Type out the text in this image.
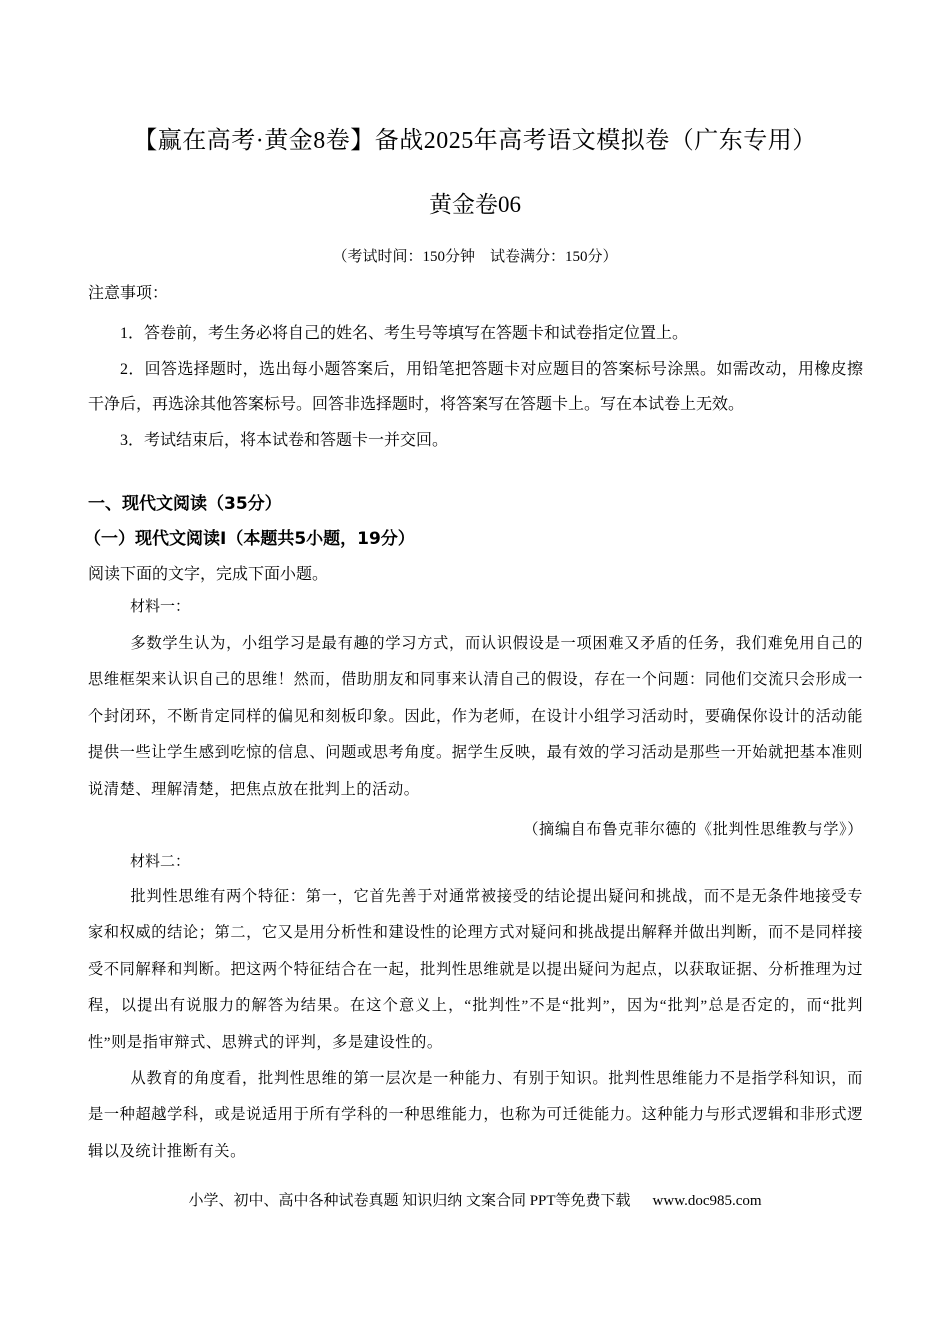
【赢在高考·黄金8卷】备战2025年高考语文模拟卷（广东专用）
黄金卷06
（考试时间：150分钟　试卷满分：150分）
注意事项：
1．答卷前，考生务必将自己的姓名、考生号等填写在答题卡和试卷指定位置上。
2．回答选择题时，选出每小题答案后，用铅笔把答题卡对应题目的答案标号涂黑。如需改动，用橡皮擦干净后，再选涂其他答案标号。回答非选择题时，将答案写在答题卡上。写在本试卷上无效。
3．考试结束后，将本试卷和答题卡一并交回。
一、现代文阅读（35分）
（一）现代文阅读Ⅰ（本题共5小题，19分）
阅读下面的文字，完成下面小题。
材料一：
多数学生认为，小组学习是最有趣的学习方式，而认识假设是一项困难又矛盾的任务，我们难免用自己的思维框架来认识自己的思维！然而，借助朋友和同事来认清自己的假设，存在一个问题：同他们交流只会形成一个封闭环，不断肯定同样的偏见和刻板印象。因此，作为老师，在设计小组学习活动时，要确保你设计的活动能提供一些让学生感到吃惊的信息、问题或思考角度。据学生反映，最有效的学习活动是那些一开始就把基本准则说清楚、理解清楚，把焦点放在批判上的活动。
（摘编自布鲁克菲尔德的《批判性思维教与学》）
材料二：
批判性思维有两个特征：第一，它首先善于对通常被接受的结论提出疑问和挑战，而不是无条件地接受专家和权威的结论；第二，它又是用分析性和建设性的论理方式对疑问和挑战提出解释并做出判断，而不是同样接受不同解释和判断。把这两个特征结合在一起，批判性思维就是以提出疑问为起点，以获取证据、分析推理为过程，以提出有说服力的解答为结果。在这个意义上，“批判性”不是“批判”，因为“批判”总是否定的，而“批判性”则是指审辩式、思辨式的评判，多是建设性的。
从教育的角度看，批判性思维的第一层次是一种能力、有别于知识。批判性思维能力不是指学科知识，而是一种超越学科，或是说适用于所有学科的一种思维能力，也称为可迁徙能力。这种能力与形式逻辑和非形式逻辑以及统计推断有关。
小学、初中、高中各种试卷真题 知识归纳 文案合同 PPT等免费下载 www.doc985.com
